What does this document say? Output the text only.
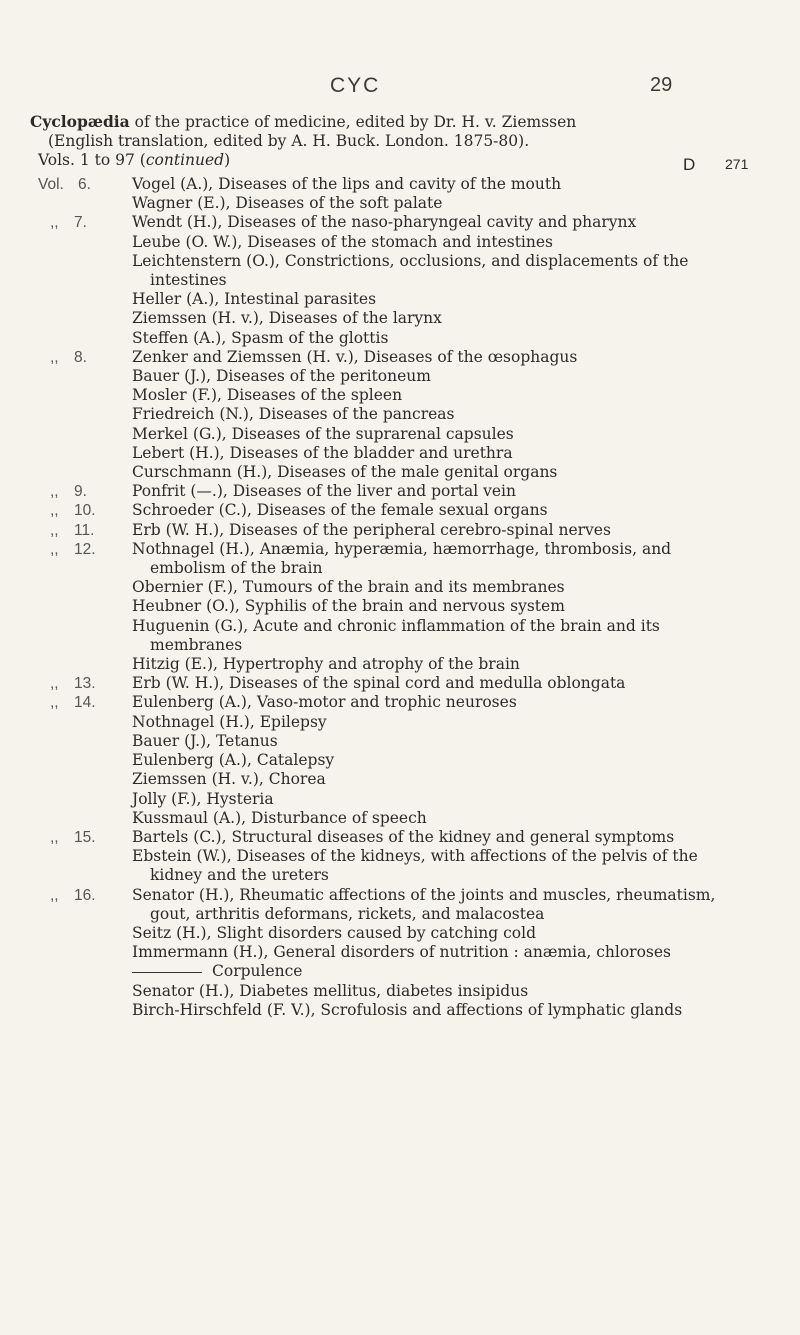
CYC	29
Cyclopædia of the practice of medicine, edited by Dr. H. v. Ziemssen
(English translation, edited by A. H. Buck. London. 1875-80).
Vols. 1 to 97 (continued)	D 271
Vol. 6.	Vogel (A.), Diseases of the lips and cavity of the mouth
Wagner (E.), Diseases of the soft palate
,, 7.	Wendt (H.), Diseases of the naso-pharyngeal cavity and pharynx
Leube (O. W.), Diseases of the stomach and intestines
Leichtenstern (O.), Constrictions, occlusions, and displacements of the intestines
Heller (A.), Intestinal parasites
Ziemssen (H. v.), Diseases of the larynx
Steffen (A.), Spasm of the glottis
,, 8.	Zenker and Ziemssen (H. v.), Diseases of the œsophagus
Bauer (J.), Diseases of the peritoneum
Mosler (F.), Diseases of the spleen
Friedreich (N.), Diseases of the pancreas
Merkel (G.), Diseases of the suprarenal capsules
Lebert (H.), Diseases of the bladder and urethra
Curschmann (H.), Diseases of the male genital organs
,, 9.	Ponfrit (—.), Diseases of the liver and portal vein
,, 10. Schroeder (C.), Diseases of the female sexual organs
,, 11. Erb (W. H.), Diseases of the peripheral cerebro-spinal nerves
,, 12. Nothnagel (H.), Anæmia, hyperæmia, hæmorrhage, thrombosis, and embolism of the brain
Obernier (F.), Tumours of the brain and its membranes
Heubner (O.), Syphilis of the brain and nervous system
Huguenin (G.), Acute and chronic inflammation of the brain and its membranes
Hitzig (E.), Hypertrophy and atrophy of the brain
,, 13. Erb (W. H.), Diseases of the spinal cord and medulla oblongata
,, 14. Eulenberg (A.), Vaso-motor and trophic neuroses
Nothnagel (H.), Epilepsy
Bauer (J.), Tetanus
Eulenberg (A.), Catalepsy
Ziemssen (H. v.), Chorea
Jolly (F.), Hysteria
Kussmaul (A.), Disturbance of speech
,, 15. Bartels (C.), Structural diseases of the kidney and general symptoms
Ebstein (W.), Diseases of the kidneys, with affections of the pelvis of the kidney and the ureters
,, 16. Senator (H.), Rheumatic affections of the joints and muscles, rheumatism, gout, arthritis deformans, rickets, and malacostea
Seitz (H.), Slight disorders caused by catching cold
Immermann (H.), General disorders of nutrition : anæmia, chloroses
Corpulence
Senator (H.), Diabetes mellitus, diabetes insipidus
Birch-Hirschfeld (F. V.), Scrofulosis and affections of lymphatic glands
